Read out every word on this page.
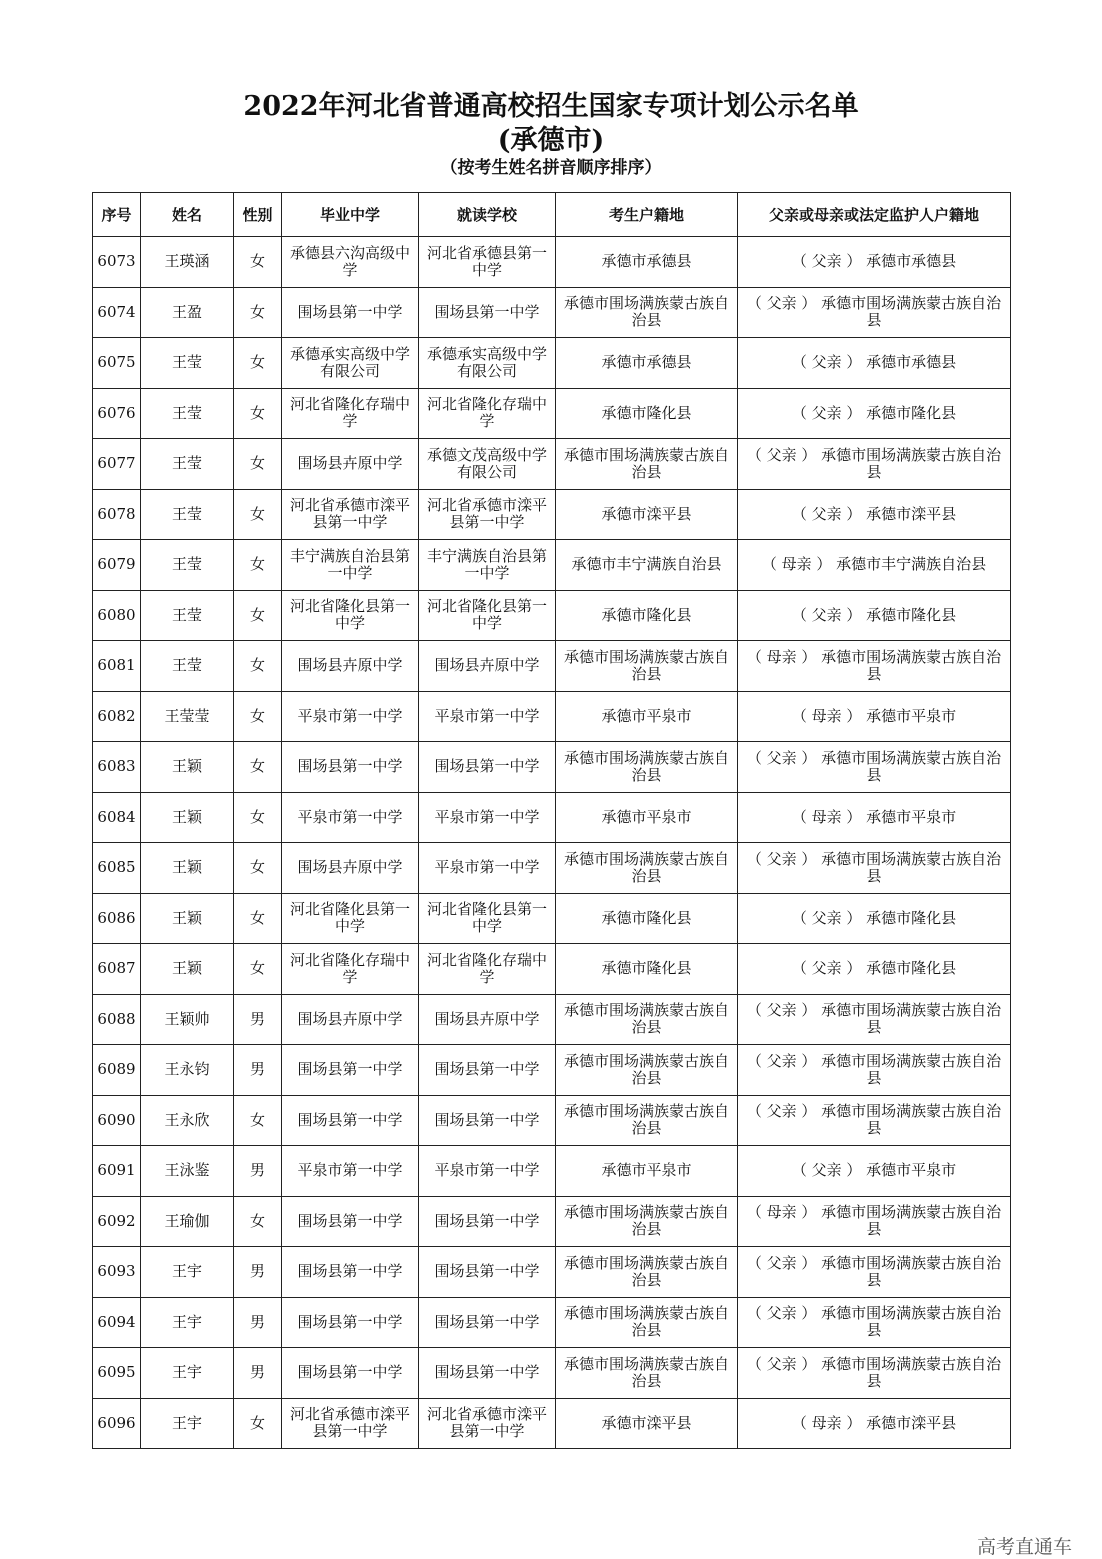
2022年河北省普通高校招生国家专项计划公示名单
(承德市)
（按考生姓名拼音顺序排序）
序号	姓名	性别	毕业中学	就读学校	考生户籍地	父亲或母亲或法定监护人户籍地
6073	王瑛涵	女	承德县六沟高级中学	河北省承德县第一中学	承德市承德县	（ 父亲 ） 承德市承德县
6074	王盈	女	围场县第一中学	围场县第一中学	承德市围场满族蒙古族自治县	（ 父亲 ） 承德市围场满族蒙古族自治县
6075	王莹	女	承德承实高级中学有限公司	承德承实高级中学有限公司	承德市承德县	（ 父亲 ） 承德市承德县
6076	王莹	女	河北省隆化存瑞中学	河北省隆化存瑞中学	承德市隆化县	（ 父亲 ） 承德市隆化县
6077	王莹	女	围场县卉原中学	承德文茂高级中学有限公司	承德市围场满族蒙古族自治县	（ 父亲 ） 承德市围场满族蒙古族自治县
6078	王莹	女	河北省承德市滦平县第一中学	河北省承德市滦平县第一中学	承德市滦平县	（ 父亲 ） 承德市滦平县
6079	王莹	女	丰宁满族自治县第一中学	丰宁满族自治县第一中学	承德市丰宁满族自治县	（ 母亲 ） 承德市丰宁满族自治县
6080	王莹	女	河北省隆化县第一中学	河北省隆化县第一中学	承德市隆化县	（ 父亲 ） 承德市隆化县
6081	王莹	女	围场县卉原中学	围场县卉原中学	承德市围场满族蒙古族自治县	（ 母亲 ） 承德市围场满族蒙古族自治县
6082	王莹莹	女	平泉市第一中学	平泉市第一中学	承德市平泉市	（ 母亲 ） 承德市平泉市
6083	王颖	女	围场县第一中学	围场县第一中学	承德市围场满族蒙古族自治县	（ 父亲 ） 承德市围场满族蒙古族自治县
6084	王颖	女	平泉市第一中学	平泉市第一中学	承德市平泉市	（ 母亲 ） 承德市平泉市
6085	王颖	女	围场县卉原中学	平泉市第一中学	承德市围场满族蒙古族自治县	（ 父亲 ） 承德市围场满族蒙古族自治县
6086	王颖	女	河北省隆化县第一中学	河北省隆化县第一中学	承德市隆化县	（ 父亲 ） 承德市隆化县
6087	王颖	女	河北省隆化存瑞中学	河北省隆化存瑞中学	承德市隆化县	（ 父亲 ） 承德市隆化县
6088	王颖帅	男	围场县卉原中学	围场县卉原中学	承德市围场满族蒙古族自治县	（ 父亲 ） 承德市围场满族蒙古族自治县
6089	王永钧	男	围场县第一中学	围场县第一中学	承德市围场满族蒙古族自治县	（ 父亲 ） 承德市围场满族蒙古族自治县
6090	王永欣	女	围场县第一中学	围场县第一中学	承德市围场满族蒙古族自治县	（ 父亲 ） 承德市围场满族蒙古族自治县
6091	王泳鉴	男	平泉市第一中学	平泉市第一中学	承德市平泉市	（ 父亲 ） 承德市平泉市
6092	王瑜伽	女	围场县第一中学	围场县第一中学	承德市围场满族蒙古族自治县	（ 母亲 ） 承德市围场满族蒙古族自治县
6093	王宇	男	围场县第一中学	围场县第一中学	承德市围场满族蒙古族自治县	（ 父亲 ） 承德市围场满族蒙古族自治县
6094	王宇	男	围场县第一中学	围场县第一中学	承德市围场满族蒙古族自治县	（ 父亲 ） 承德市围场满族蒙古族自治县
6095	王宇	男	围场县第一中学	围场县第一中学	承德市围场满族蒙古族自治县	（ 父亲 ） 承德市围场满族蒙古族自治县
6096	王宇	女	河北省承德市滦平县第一中学	河北省承德市滦平县第一中学	承德市滦平县	（ 母亲 ） 承德市滦平县
高考直通车
